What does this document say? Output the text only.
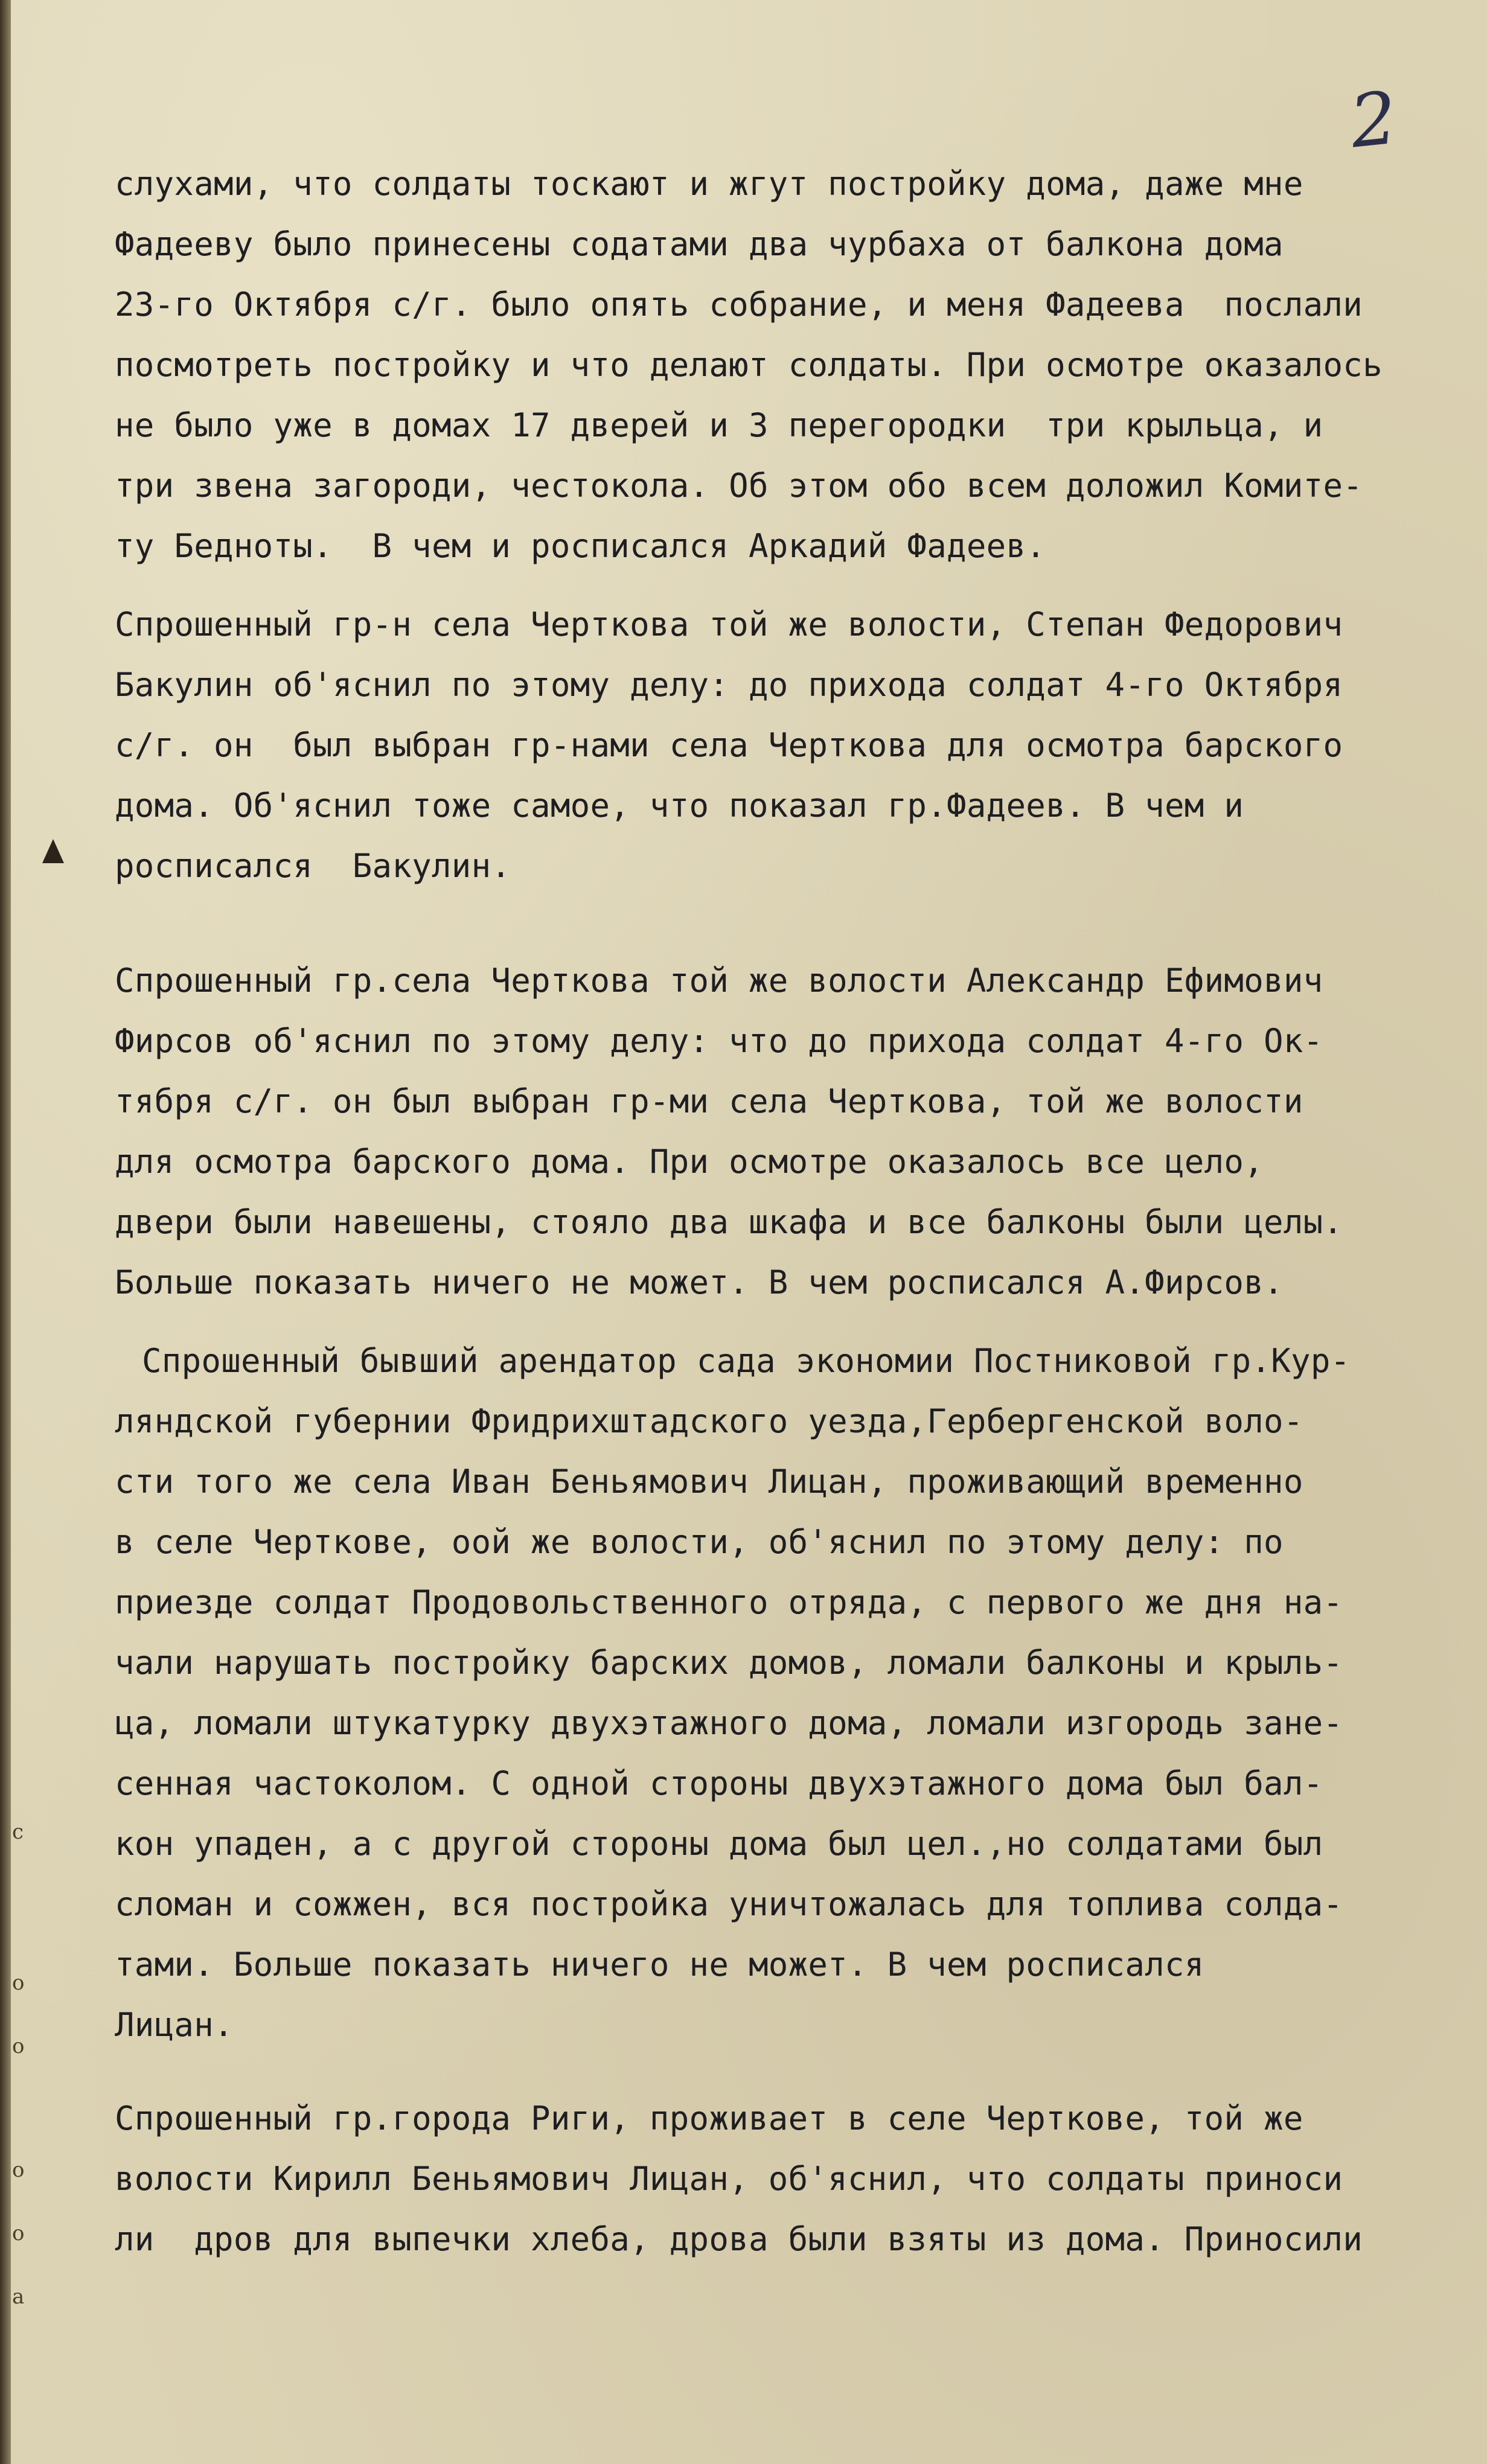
2
с
о
о
о
о
а
слухами, что солдаты тоскают и жгут постройку дома, даже мне
Фадееву было принесены содатами два чурбаха от балкона дома
23-го Октября с/г. было опять собрание, и меня Фадеева  послали
посмотреть постройку и что делают солдаты. При осмотре оказалось
не было уже в домах 17 дверей и 3 перегородки  три крыльца, и
три звена загороди, честокола. Об этом обо всем доложил Комите-
ту Бедноты.  В чем и росписался Аркадий Фадеев.
Спрошенный гр-н села Черткова той же волости, Степан Федорович
Бакулин об'яснил по этому делу: до прихода солдат 4-го Октября
с/г. он  был выбран гр-нами села Черткова для осмотра барского
дома. Об'яснил тоже самое, что показал гр.Фадеев. В чем и
росписался  Бакулин.
Спрошенный гр.села Черткова той же волости Александр Ефимович
Фирсов об'яснил по этому делу: что до прихода солдат 4-го Ок-
тября с/г. он был выбран гр-ми села Черткова, той же волости
для осмотра барского дома. При осмотре оказалось все цело,
двери были навешены, стояло два шкафа и все балконы были целы.
Больше показать ничего не может. В чем росписался А.Фирсов.
Спрошенный бывший арендатор сада экономии Постниковой гр.Кур-
ляндской губернии Фридрихштадского уезда,Гербергенской воло-
сти того же села Иван Беньямович Лицан, проживающий временно
в селе Черткове, оой же волости, об'яснил по этому делу: по
приезде солдат Продовольственного отряда, с первого же дня на-
чали нарушать постройку барских домов, ломали балконы и крыль-
ца, ломали штукатурку двухэтажного дома, ломали изгородь зане-
сенная частоколом. С одной стороны двухэтажного дома был бал-
кон упаден, а с другой стороны дома был цел.,но солдатами был
сломан и сожжен, вся постройка уничтожалась для топлива солда-
тами. Больше показать ничего не может. В чем росписался
Лицан.
Спрошенный гр.города Риги, проживает в селе Черткове, той же
волости Кирилл Беньямович Лицан, об'яснил, что солдаты приноси
ли  дров для выпечки хлеба, дрова были взяты из дома. Приносили
